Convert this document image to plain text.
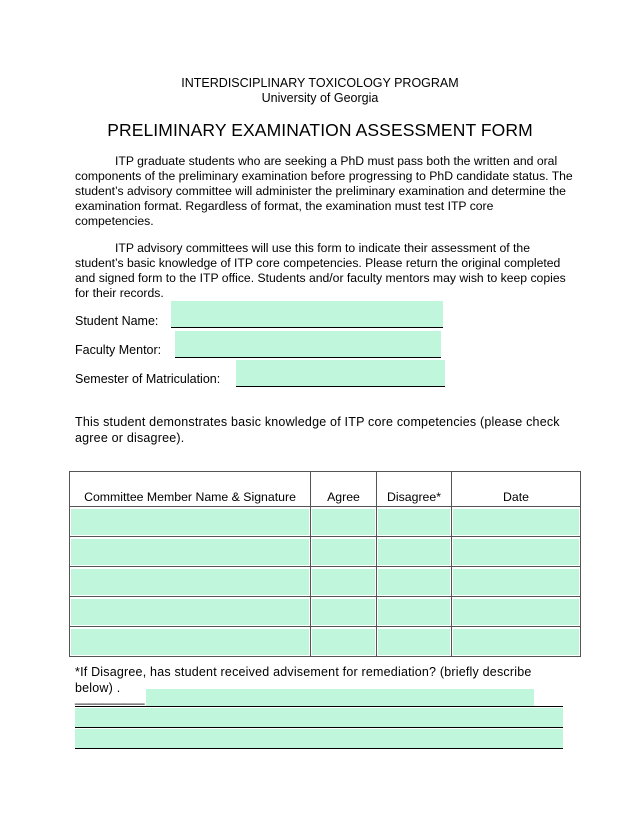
INTERDISCIPLINARY TOXICOLOGY PROGRAM
University of Georgia
PRELIMINARY EXAMINATION ASSESSMENT FORM

ITP graduate students who are seeking a PhD must pass both the written and oral components of the preliminary examination before progressing to PhD candidate status. The student’s advisory committee will administer the preliminary examination and determine the examination format. Regardless of format, the examination must test ITP core competencies.

ITP advisory committees will use this form to indicate their assessment of the student’s basic knowledge of ITP core competencies. Please return the original completed and signed form to the ITP office. Students and/or faculty mentors may wish to keep copies for their records.

Student Name:
Faculty Mentor:
Semester of Matriculation:
This student demonstrates basic knowledge of ITP core competencies (please check agree or disagree).
Committee Member Name & Signature	Agree	Disagree*	Date

*If Disagree, has student received advisement for remediation? (briefly describe below) .
__________
